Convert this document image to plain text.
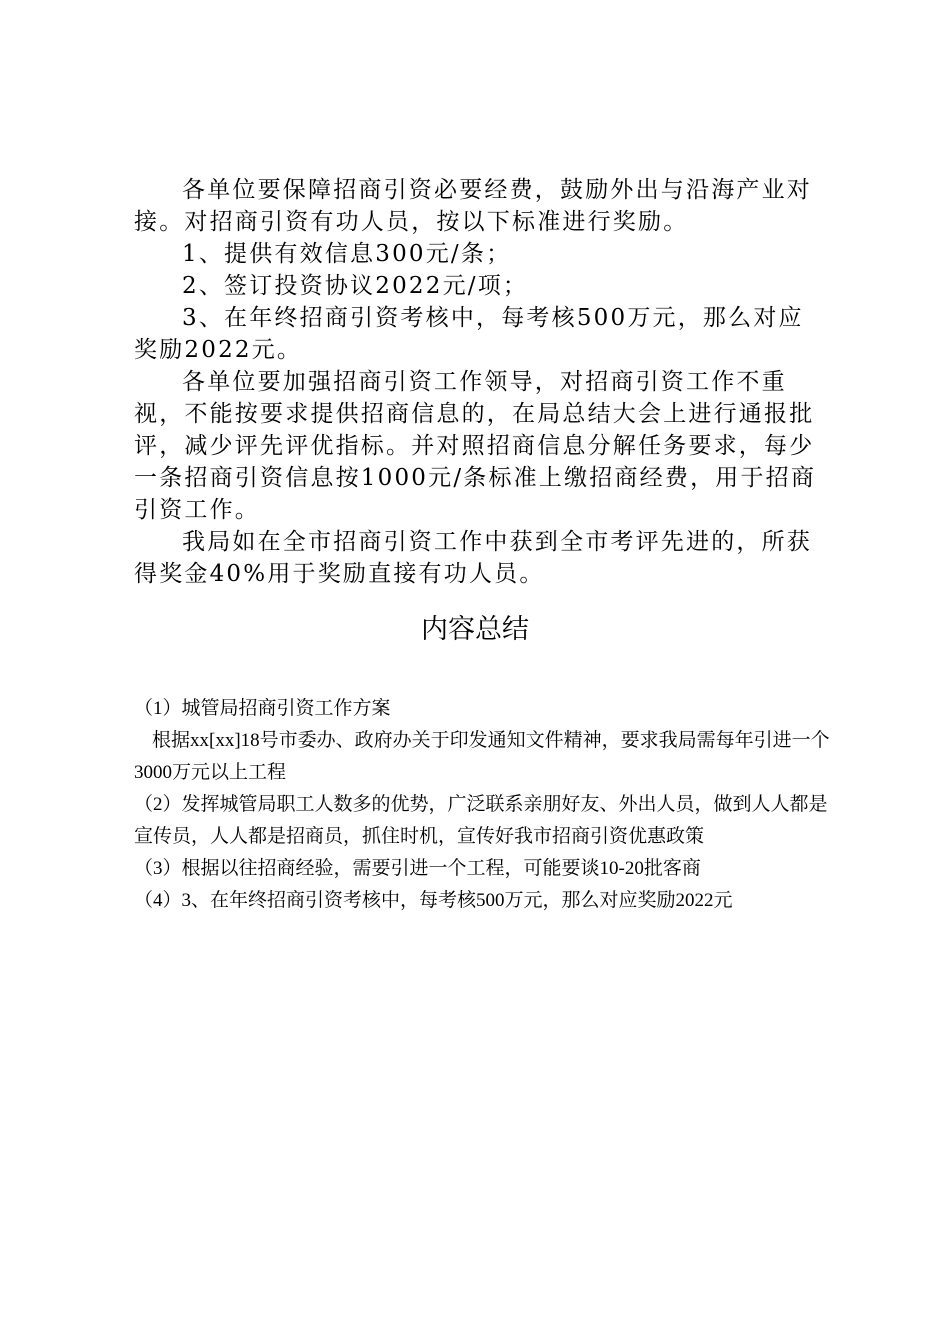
各单位要保障招商引资必要经费，鼓励外出与沿海产业对接。对招商引资有功人员，按以下标准进行奖励。

1、提供有效信息300元/条；

2、签订投资协议2022元/项；

3、在年终招商引资考核中，每考核500万元，那么对应

奖励2022元。

各单位要加强招商引资工作领导，对招商引资工作不重视，不能按要求提供招商信息的，在局总结大会上进行通报批评，减少评先评优指标。并对照招商信息分解任务要求，每少一条招商引资信息按1000元/条标准上缴招商经费，用于招商引资工作。

我局如在全市招商引资工作中获到全市考评先进的，所获得奖金40%用于奖励直接有功人员。

内容总结

（1）城管局招商引资工作方案

根据xx[xx]18号市委办、政府办关于印发通知文件精神，要求我局需每年引进一个3000万元以上工程

（2）发挥城管局职工人数多的优势，广泛联系亲朋好友、外出人员，做到人人都是宣传员，人人都是招商员，抓住时机，宣传好我市招商引资优惠政策

（3）根据以往招商经验，需要引进一个工程，可能要谈10-20批客商

（4）3、在年终招商引资考核中，每考核500万元，那么对应奖励2022元
